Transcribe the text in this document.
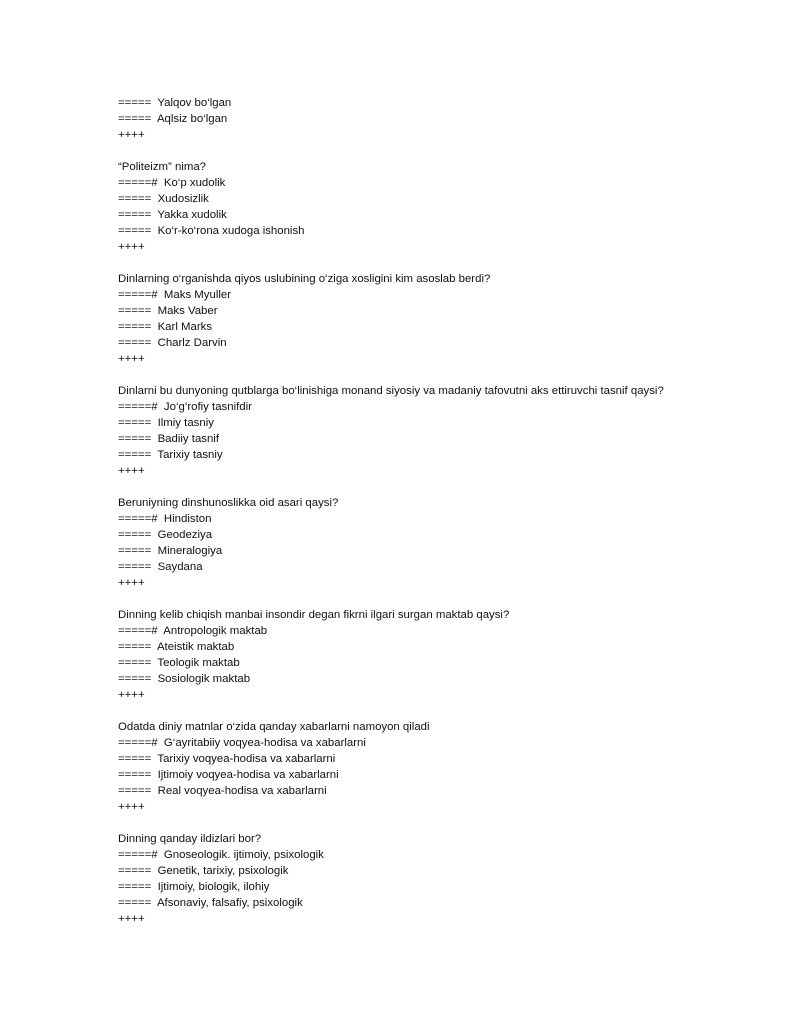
=====  Yalqov bo‘lgan
=====  Aqlsiz bo‘lgan
++++
“Politeizm” nima?
=====#  Ko‘p xudolik
=====  Xudosizlik
=====  Yakka xudolik
=====  Ko‘r-ko‘rona xudoga ishonish
++++
Dinlarning o‘rganishda qiyos uslubining o‘ziga xosligini kim asoslab berdi?
=====#  Maks Myuller
=====  Maks Vaber
=====  Karl Marks
=====  Charlz Darvin
++++
Dinlarni bu dunyoning qutblarga bo‘linishiga monand siyosiy va madaniy tafovutni aks ettiruvchi tasnif qaysi?
=====#  Jo‘g‘rofiy tasnifdir
=====  Ilmiy tasniy
=====  Badiiy tasnif
=====  Tarixiy tasniy
++++
Beruniyning dinshunoslikka oid asari qaysi?
=====#  Hindiston
=====  Geodeziya
=====  Mineralogiya
=====  Saydana
++++
Dinning kelib chiqish manbai insondir degan fikrni ilgari surgan maktab qaysi?
=====#  Antropologik maktab
=====  Ateistik maktab
=====  Teologik maktab
=====  Sosiologik maktab
++++
Odatda diniy matnlar o‘zida qanday xabarlarni namoyon qiladi
=====#  G‘ayritabiiy voqyea-hodisa va xabarlarni
=====  Tarixiy voqyea-hodisa va xabarlarni
=====  Ijtimoiy voqyea-hodisa va xabarlarni
=====  Real voqyea-hodisa va xabarlarni
++++
Dinning qanday ildizlari bor?
=====#  Gnoseologik. ijtimoiy, psixologik
=====  Genetik, tarixiy, psixologik
=====  Ijtimoiy, biologik, ilohiy
=====  Afsonaviy, falsafiy, psixologik
++++
